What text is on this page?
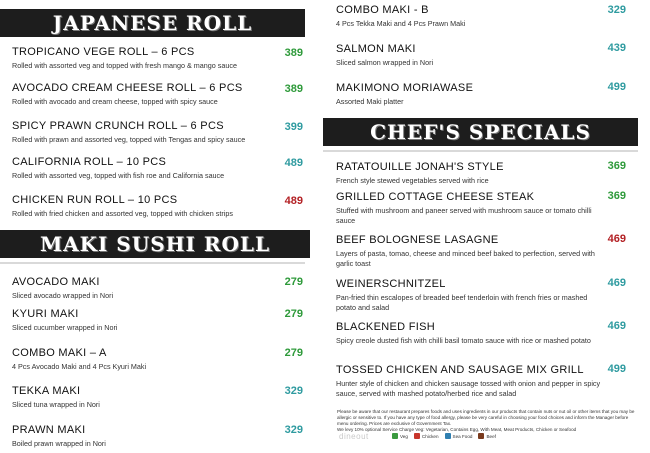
JAPANESE ROLL
TROPICANO VEGE ROLL – 6 PCS
Rolled with assorted veg and topped with fresh mango & mango sauce
389
AVOCADO CREAM CHEESE ROLL – 6 PCS
Rolled with avocado and cream cheese, topped with spicy sauce
389
SPICY PRAWN CRUNCH ROLL – 6 PCS
Rolled with prawn and assorted veg, topped with Tengas and spicy sauce
399
CALIFORNIA ROLL – 10 PCS
Rolled with assorted veg, topped with fish roe and California sauce
489
CHICKEN RUN ROLL – 10 PCS
Rolled with fried chicken and assorted veg, topped with chicken strips
489
MAKI SUSHI ROLL
AVOCADO MAKI
Sliced avocado wrapped in Nori
279
KYURI MAKI
Sliced cucumber wrapped in Nori
279
COMBO MAKI – A
4 Pcs Avocado Maki and 4 Pcs Kyuri Maki
279
TEKKA MAKI
Sliced tuna wrapped in Nori
329
PRAWN MAKI
Boiled prawn wrapped in Nori
329
COMBO MAKI - B
4 Pcs Tekka Maki and 4 Pcs Prawn Maki
329
SALMON MAKI
Sliced salmon wrapped in Nori
439
MAKIMONO MORIAWASE
Assorted Maki platter
499
CHEF'S SPECIALS
RATATOUILLE JONAH'S STYLE
French style stewed vegetables served with rice
369
GRILLED COTTAGE CHEESE STEAK
Stuffed with mushroom and paneer served with mushroom sauce or tomato chilli sauce
369
BEEF BOLOGNESE LASAGNE
Layers of pasta, tomao, cheese and minced beef baked to perfection, served with garlic toast
469
WEINERSCHNITZEL
Pan-fried thin escalopes of breaded beef tenderloin with french fries or mashed potato and salad
469
BLACKENED FISH
Spicy creole dusted fish with chilli basil tomato sauce with rice or mashed potato
469
TOSSED CHICKEN AND SAUSAGE MIX GRILL
Hunter style of chicken and chicken sausage tossed with onion and pepper in spicy sauce, served with mashed potato/herbed rice and salad
499
Please be aware that our restaurant prepares foods and uses ingredients in our products that contain nuts or nut oil or other items that you may be allergic or sensitive to. If you have any type of food allergy, please be very careful in choosing your food choices and inform the Manager before menu ordering. Prices are exclusive of Government Tax.
We levy 10% optional Service Charge Veg: Vegetarian, Contains Egg, With Meat, Meat Products, Chicken or Seafood
dineout	Veg	Chicken	Sea Food	Beef
